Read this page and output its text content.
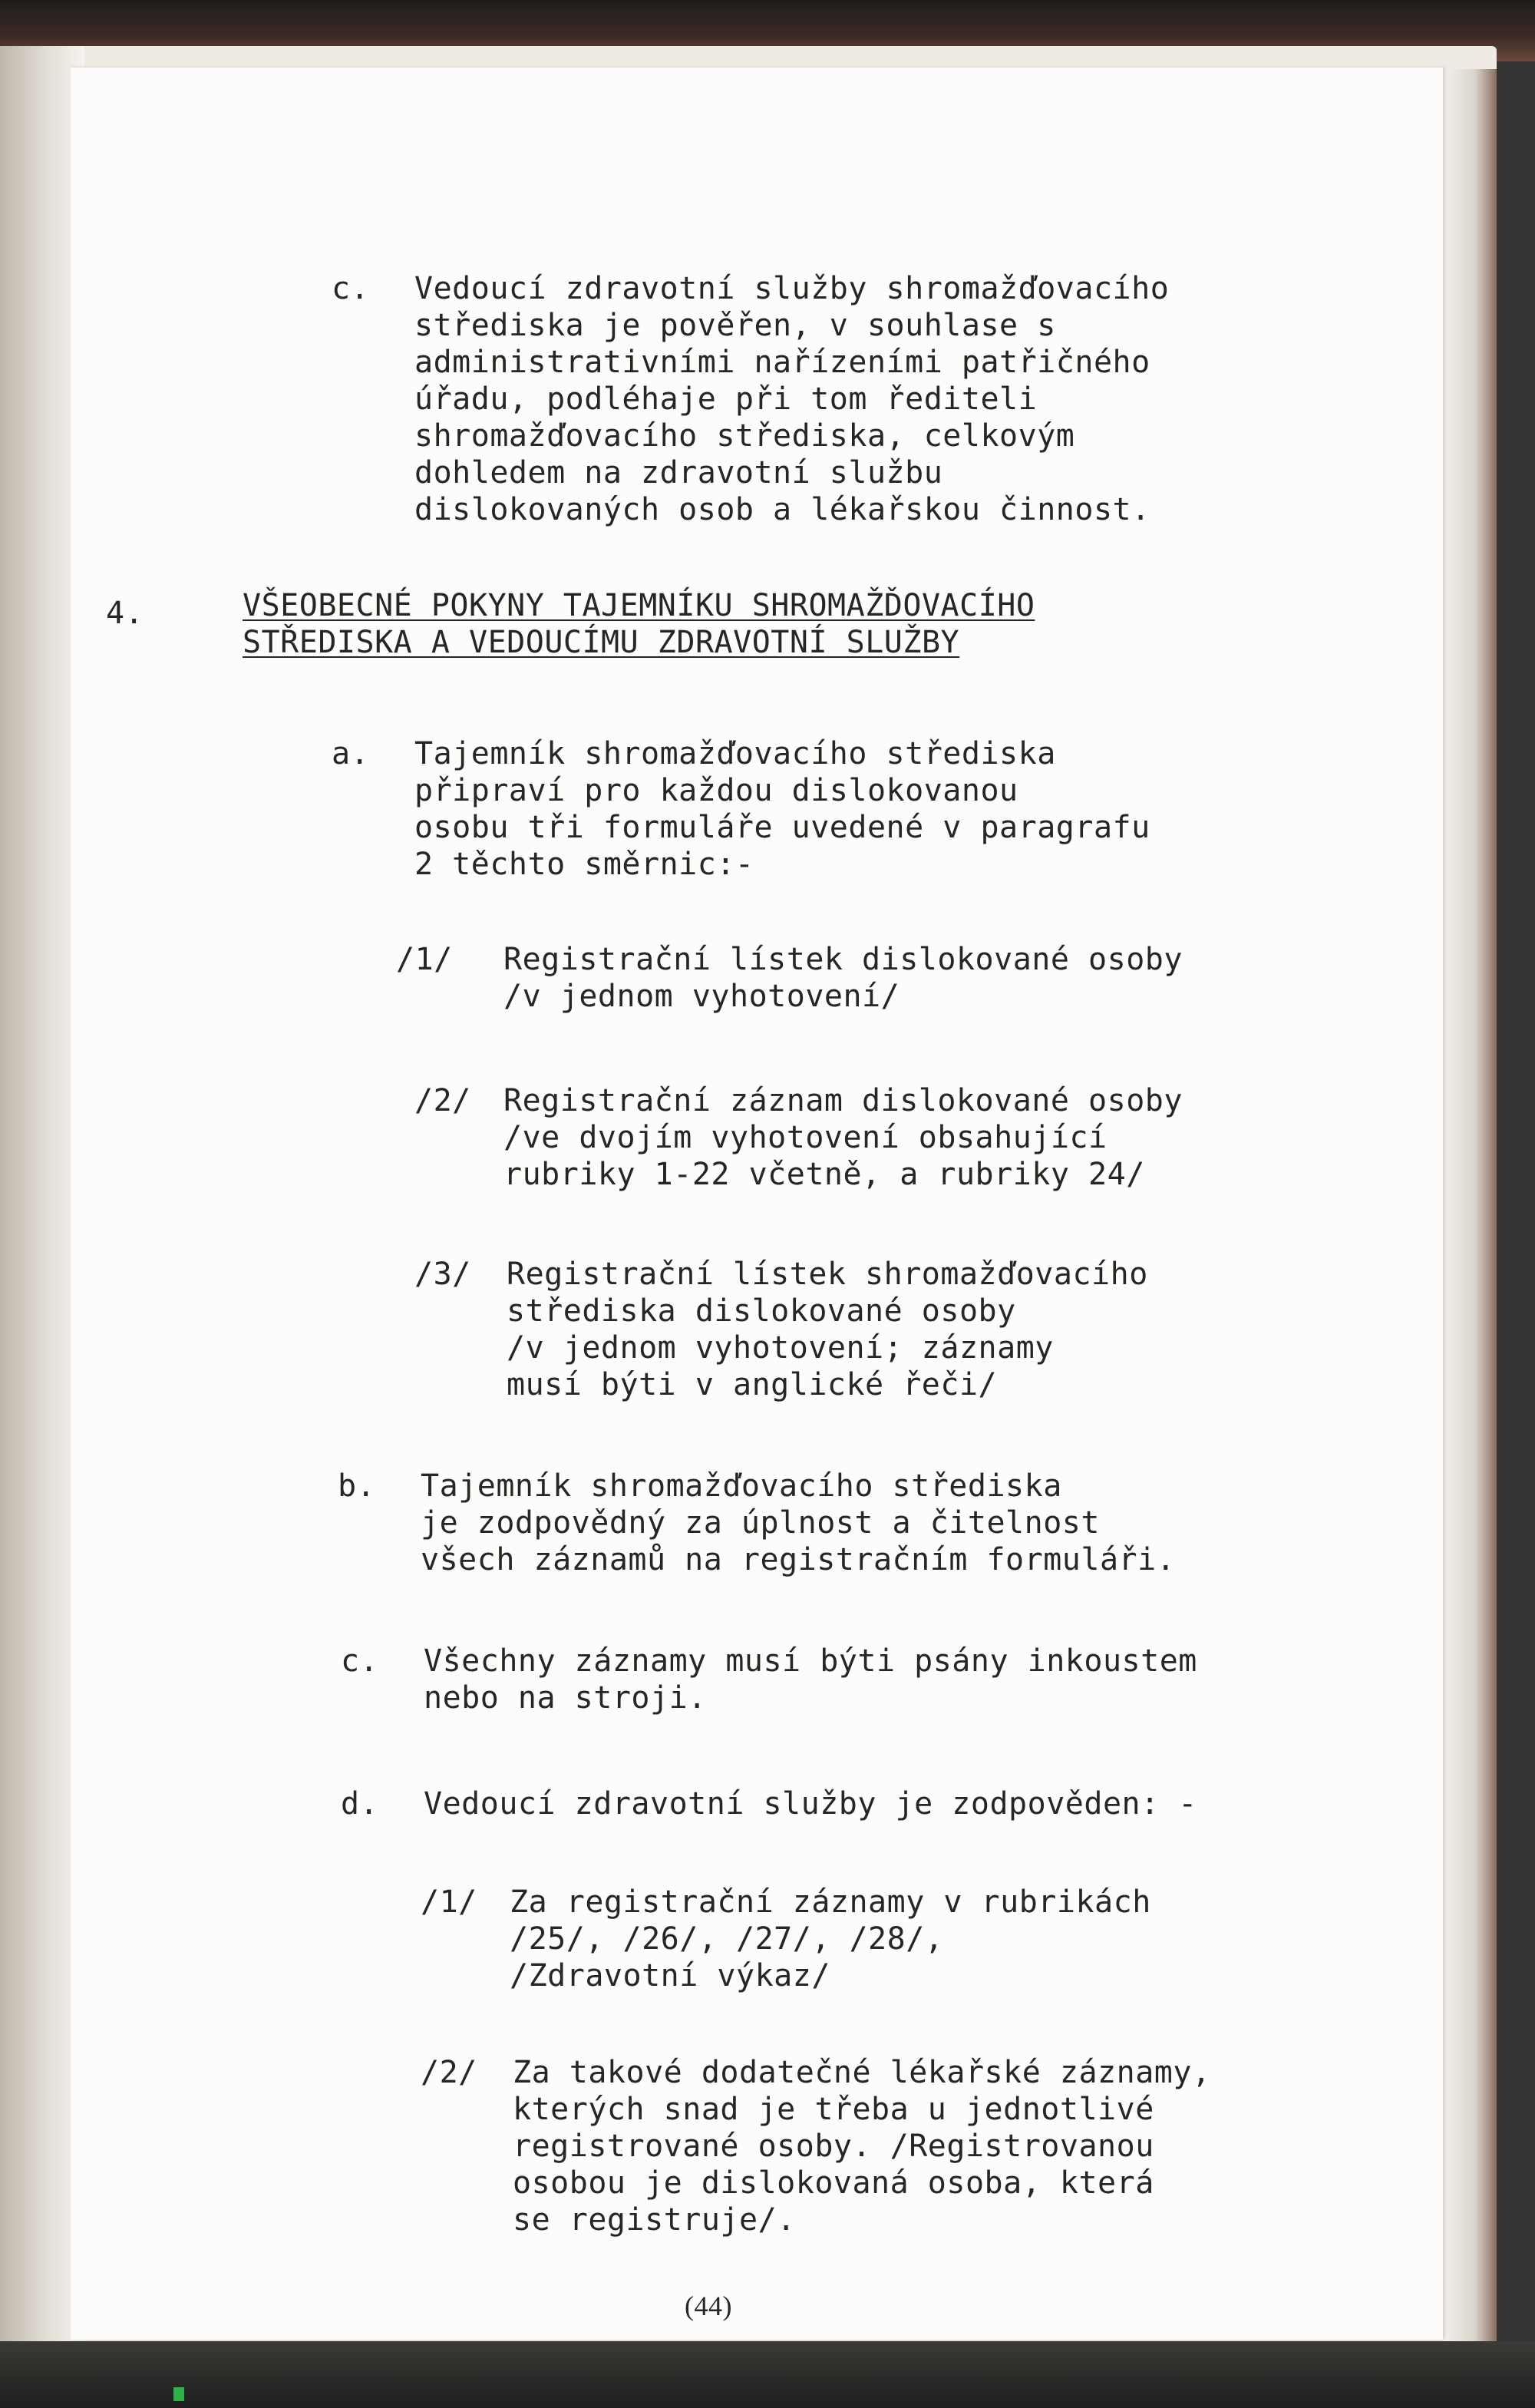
c. Vedoucí zdravotní služby shromažďovacího
střediska je pověřen, v souhlase s
administrativními nařízeními patřičného
úřadu, podléhaje při tom řediteli
shromažďovacího střediska, celkovým
dohledem na zdravotní službu
dislokovaných osob a lékařskou činnost.
4.	VŠEOBECNÉ POKYNY TAJEMNÍKU SHROMAŽĎOVACÍHO
STŘEDISKA A VEDOUCÍMU ZDRAVOTNÍ SLUŽBY
a. Tajemník shromažďovacího střediska
připraví pro každou dislokovanou
osobu tři formuláře uvedené v paragrafu
2 těchto směrnic:-
/1/ Registrační lístek dislokované osoby
/v jednom vyhotovení/
/2/ Registrační záznam dislokované osoby
/ve dvojím vyhotovení obsahující
rubriky 1-22 včetně, a rubriky 24/
/3/ Registrační lístek shromažďovacího
střediska dislokované osoby
/v jednom vyhotovení; záznamy
musí býti v anglické řeči/
b. Tajemník shromažďovacího střediska
je zodpovědný za úplnost a čitelnost
všech záznamů na registračním formuláři.
c. Všechny záznamy musí býti psány inkoustem
nebo na stroji.
d. Vedoucí zdravotní služby je zodpověden: -
/1/ Za registrační záznamy v rubrikách
/25/, /26/, /27/, /28/,
/Zdravotní výkaz/
/2/ Za takové dodatečné lékařské záznamy,
kterých snad je třeba u jednotlivé
registrované osoby. /Registrovanou
osobou je dislokovaná osoba, která
se registruje/.
(44)
